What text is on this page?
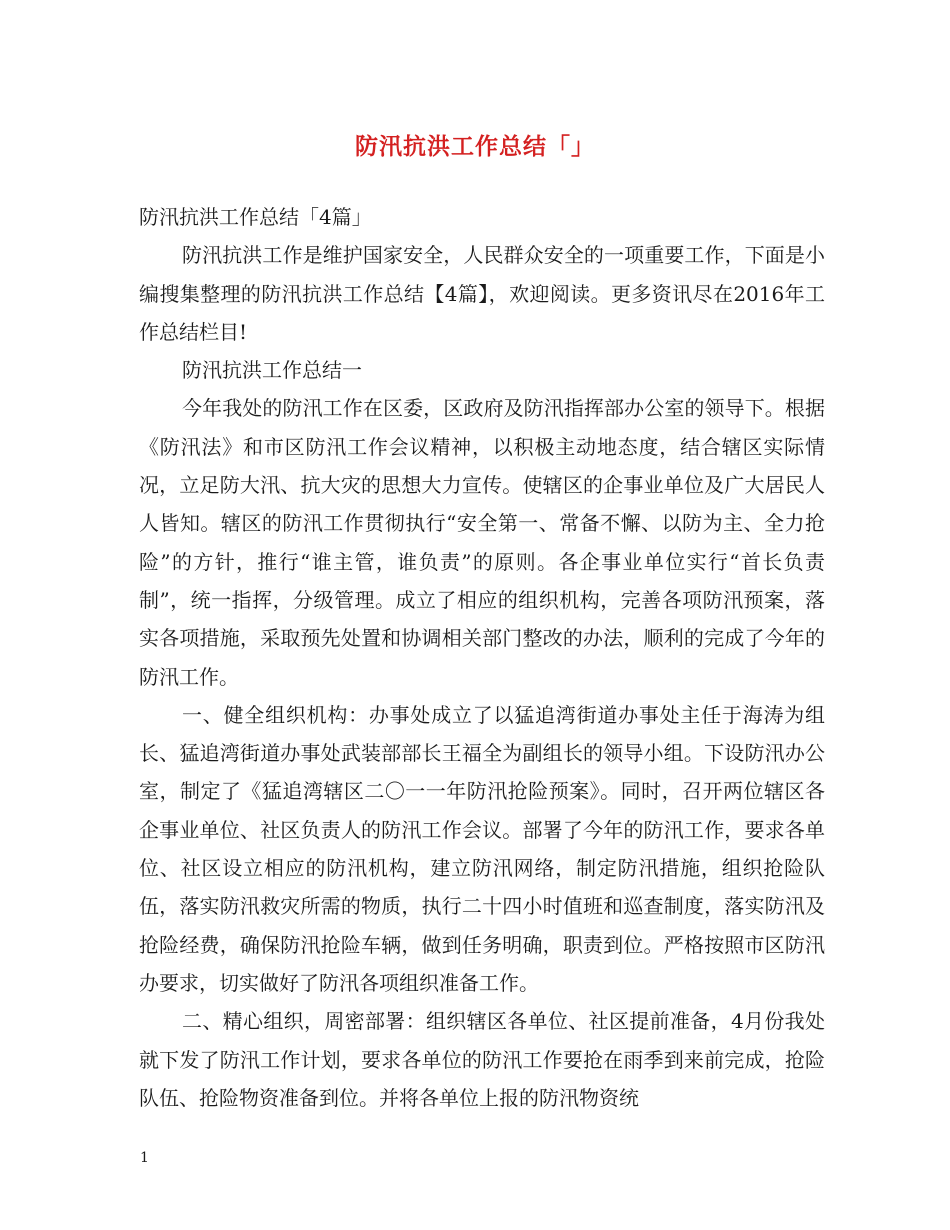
防汛抗洪工作总结「」

防汛抗洪工作总结「4篇」

防汛抗洪工作是维护国家安全，人民群众安全的一项重要工作，下面是小编搜集整理的防汛抗洪工作总结【4篇】，欢迎阅读。更多资讯尽在2016年工作总结栏目!

防汛抗洪工作总结一

今年我处的防汛工作在区委，区政府及防汛指挥部办公室的领导下。根据《防汛法》和市区防汛工作会议精神，以积极主动地态度，结合辖区实际情况，立足防大汛、抗大灾的思想大力宣传。使辖区的企事业单位及广大居民人人皆知。辖区的防汛工作贯彻执行“安全第一、常备不懈、以防为主、全力抢险”的方针，推行“谁主管，谁负责”的原则。各企事业单位实行“首长负责制”，统一指挥，分级管理。成立了相应的组织机构，完善各项防汛预案，落实各项措施，采取预先处置和协调相关部门整改的办法，顺利的完成了今年的防汛工作。

一、健全组织机构：办事处成立了以猛追湾街道办事处主任于海涛为组长、猛追湾街道办事处武装部部长王福全为副组长的领导小组。下设防汛办公室，制定了《猛追湾辖区二〇一一年防汛抢险预案》。同时，召开两位辖区各企事业单位、社区负责人的防汛工作会议。部署了今年的防汛工作，要求各单位、社区设立相应的防汛机构，建立防汛网络，制定防汛措施，组织抢险队伍，落实防汛救灾所需的物质，执行二十四小时值班和巡查制度，落实防汛及抢险经费，确保防汛抢险车辆，做到任务明确，职责到位。严格按照市区防汛办要求，切实做好了防汛各项组织准备工作。

二、精心组织，周密部署：组织辖区各单位、社区提前准备，4月份我处就下发了防汛工作计划，要求各单位的防汛工作要抢在雨季到来前完成，抢险队伍、抢险物资准备到位。并将各单位上报的防汛物资统

1
